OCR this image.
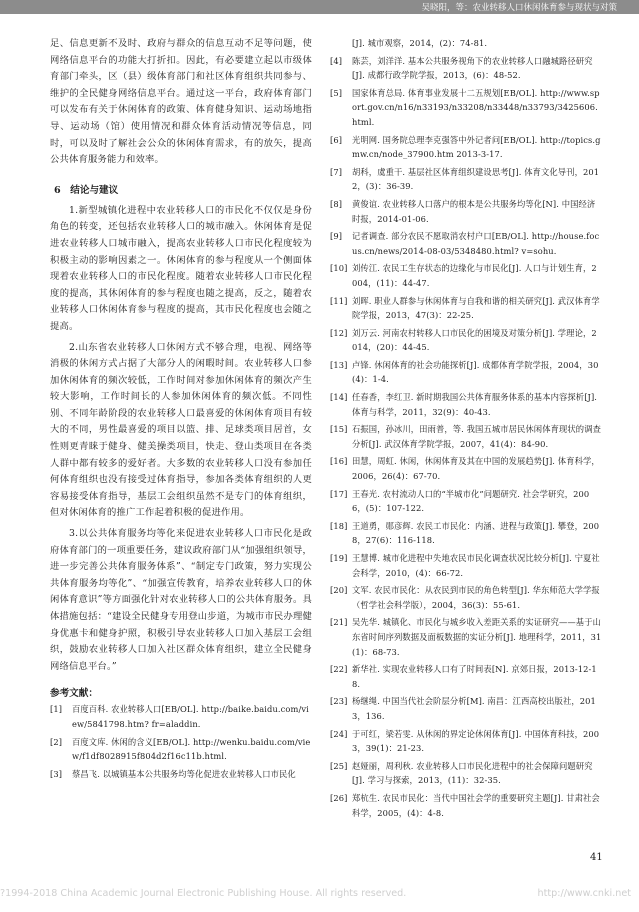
吴晓阳，等：农业转移人口休闲体育参与现状与对策

足、信息更新不及时、政府与群众的信息互动不足等问题，使网络信息平台的功能大打折扣。因此，有必要建立起以市级体育部门牵头，区（县）级体育部门和社区体育组织共同参与、维护的全民健身网络信息平台。通过这一平台，政府体育部门可以发布有关于休闲体育的政策、体育健身知识、运动场地指导、运动场（馆）使用情况和群众体育活动情况等信息，同时，可以及时了解社会公众的休闲体育需求，有的放矢，提高公共体育服务能力和效率。

6　结论与建议

1.新型城镇化进程中农业转移人口的市民化不仅仅是身份角色的转变，还包括农业转移人口的城市融入。休闲体育是促进农业转移人口城市融入，提高农业转移人口市民化程度较为积极主动的影响因素之一。休闲体育的参与程度从一个侧面体现着农业转移人口的市民化程度。随着农业转移人口市民化程度的提高，其休闲体育的参与程度也随之提高，反之，随着农业转移人口休闲体育参与程度的提高，其市民化程度也会随之提高。

2.山东省农业转移人口休闲方式不够合理，电视、网络等消极的休闲方式占据了大部分人的闲暇时间。农业转移人口参加休闲体育的频次较低，工作时间对参加休闲体育的频次产生较大影响，工作时间长的人参加休闲体育的频次低。不同性别、不同年龄阶段的农业转移人口最喜爱的休闲体育项目有较大的不同，男性最喜爱的项目以篮、排、足球类项目居首，女性则更青睐于健身、健美操类项目，快走、登山类项目在各类人群中都有较多的爱好者。大多数的农业转移人口没有参加任何体育组织也没有接受过体育指导，参加各类体育组织的人更容易接受体育指导，基层工会组织虽然不是专门的体育组织，但对休闲体育的推广工作起着积极的促进作用。

3.以公共体育服务均等化来促进农业转移人口市民化是政府体育部门的一项重要任务，建议政府部门从“加强组织领导，进一步完善公共体育服务体系”、“制定专门政策，努力实现公共体育服务均等化”、“加强宣传教育，培养农业转移人口的休闲体育意识”等方面强化针对农业转移人口的公共体育服务。具体措施包括：“建设全民健身专用登山步道，为城市市民办理健身优惠卡和健身护照，积极引导农业转移人口加入基层工会组织，鼓励农业转移人口加入社区群众体育组织，建立全民健身网络信息平台。”

参考文献：
[1] 百度百科. 农业转移人口[EB/OL]. http://baike.baidu.com/view/5841798.htm? fr=aladdin.
[2] 百度文库. 休闲的含义[EB/OL]. http://wenku.baidu.com/view/f1df8028915f804d2f16c11b.html.
[3] 蔡昌飞. 以城镇基本公共服务均等化促进农业转移人口市民化
[J]. 城市观察，2014，(2)：74-81.
[4] 陈芸，刘洋洋. 基本公共服务视角下的农业转移人口融城路径研究[J]. 成都行政学院学报，2013，(6)：48-52.
[5] 国家体育总局. 体育事业发展十二五规划[EB/OL]. http://www.sport.gov.cn/n16/n33193/n33208/n33448/n33793/3425606.html.
[6] 光明网. 国务院总理李克强答中外记者问[EB/OL]. http://topics.gmw.cn/node_37900.htm 2013-3-17.
[7] 胡科，虞重干. 基层社区体育组织建设思考[J]. 体育文化导刊，2012，(3)：36-39.
[8] 黄俊谊. 农业转移人口落户的根本是公共服务均等化[N]. 中国经济时报，2014-01-06.
[9] 记者调查. 部分农民不愿取消农村户口[EB/OL]. http://house.focus.cn/news/2014-08-03/5348480.html? v=sohu.
[10] 刘传江. 农民工生存状态的边缘化与市民化[J]. 人口与计划生育，2004，(11)：44-47.
[11] 刘晖. 职业人群参与休闲体育与自我和谐的相关研究[J]. 武汉体育学院学报，2013，47(3)：22-25.
[12] 刘万云. 河南农村转移人口市民化的困境及对策分析[J]. 学理论，2014，(20)：44-45.
[13] 卢锋. 休闲体育的社会功能探析[J]. 成都体育学院学报，2004，30(4)：1-4.
[14] 任春香，李红卫. 新时期我国公共体育服务体系的基本内容探析[J]. 体育与科学，2011，32(9)：40-43.
[15] 石振国，孙冰川，田雨普，等. 我国五城市居民休闲体育现状的调查分析[J]. 武汉体育学院学报，2007，41(4)：84-90.
[16] 田慧，周虹. 休闲，休闲体育及其在中国的发展趋势[J]. 体育科学，2006，26(4)：67-70.
[17] 王春光. 农村流动人口的“半城市化”问题研究. 社会学研究，2006，(5)：107-122.
[18] 王道勇，郧彦辉. 农民工市民化：内涵、进程与政策[J]. 攀登，2008，27(6)：116-118.
[19] 王慧博. 城市化进程中失地农民市民化调查状况比较分析[J]. 宁夏社会科学，2010，(4)：66-72.
[20] 文军. 农民市民化：从农民到市民的角色转型[J]. 华东师范大学学报（哲学社会科学版），2004，36(3)：55-61.
[21] 吴先华. 城镇化、市民化与城乡收入差距关系的实证研究——基于山东省时间序列数据及面板数据的实证分析[J]. 地理科学，2011，31(1)：68-73.
[22] 新华社. 实现农业转移人口有了时间表[N]. 京郊日报，2013-12-18.
[23] 杨继绳. 中国当代社会阶层分析[M]. 南昌：江西高校出版社，2013，136.
[24] 于可红，梁若雯. 从休闲的界定论休闲体育[J]. 中国体育科技，2003，39(1)：21-23.
[25] 赵娅丽，周利秋. 农业转移人口市民化进程中的社会保障问题研究[J]. 学习与探索，2013，(11)：32-35.
[26] 郑杭生. 农民市民化：当代中国社会学的重要研究主题[J]. 甘肃社会科学，2005，(4)：4-8.
41
?1994-2018 China Academic Journal Electronic Publishing House. All rights reserved.	http://www.cnki.net
